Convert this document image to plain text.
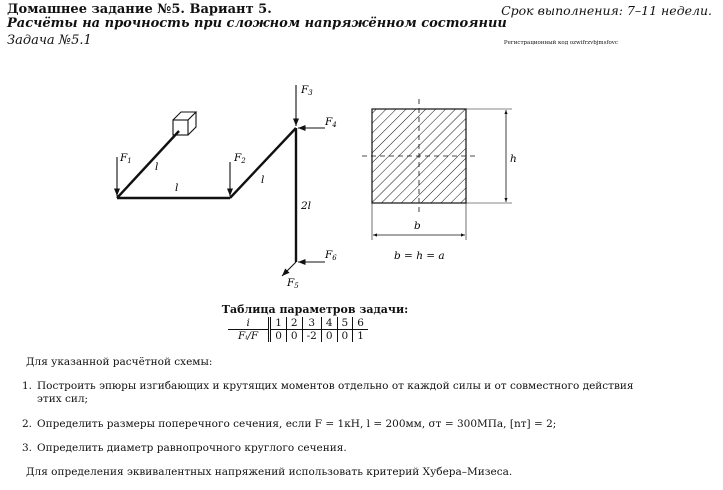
Домашнее задание №5. Вариант 5.	Срок выполнения: 7–11 недели.
Расчёты на прочность при сложном напряжённом состоянии
Задача №5.1	Регистрационный код ozwifrzvbjmsfovc
F1	F2
F3
F4
F6
F5
l
l
l
2l
h
b
b = h = a
Таблица параметров задачи:
i	1	2	3	4	5	6
Fᵢ/F	0	0	-2	0	0	1
Для указанной расчётной схемы:
1. Построить эпюры изгибающих и крутящих моментов отдельно от каждой силы и от совместного действия этих сил;
2. Определить размеры поперечного сечения, если F = 1кН, l = 200мм, σт = 300МПа, [nт] = 2;
3. Определить диаметр равнопрочного круглого сечения.
Для определения эквивалентных напряжений использовать критерий Хубера–Мизеса.
